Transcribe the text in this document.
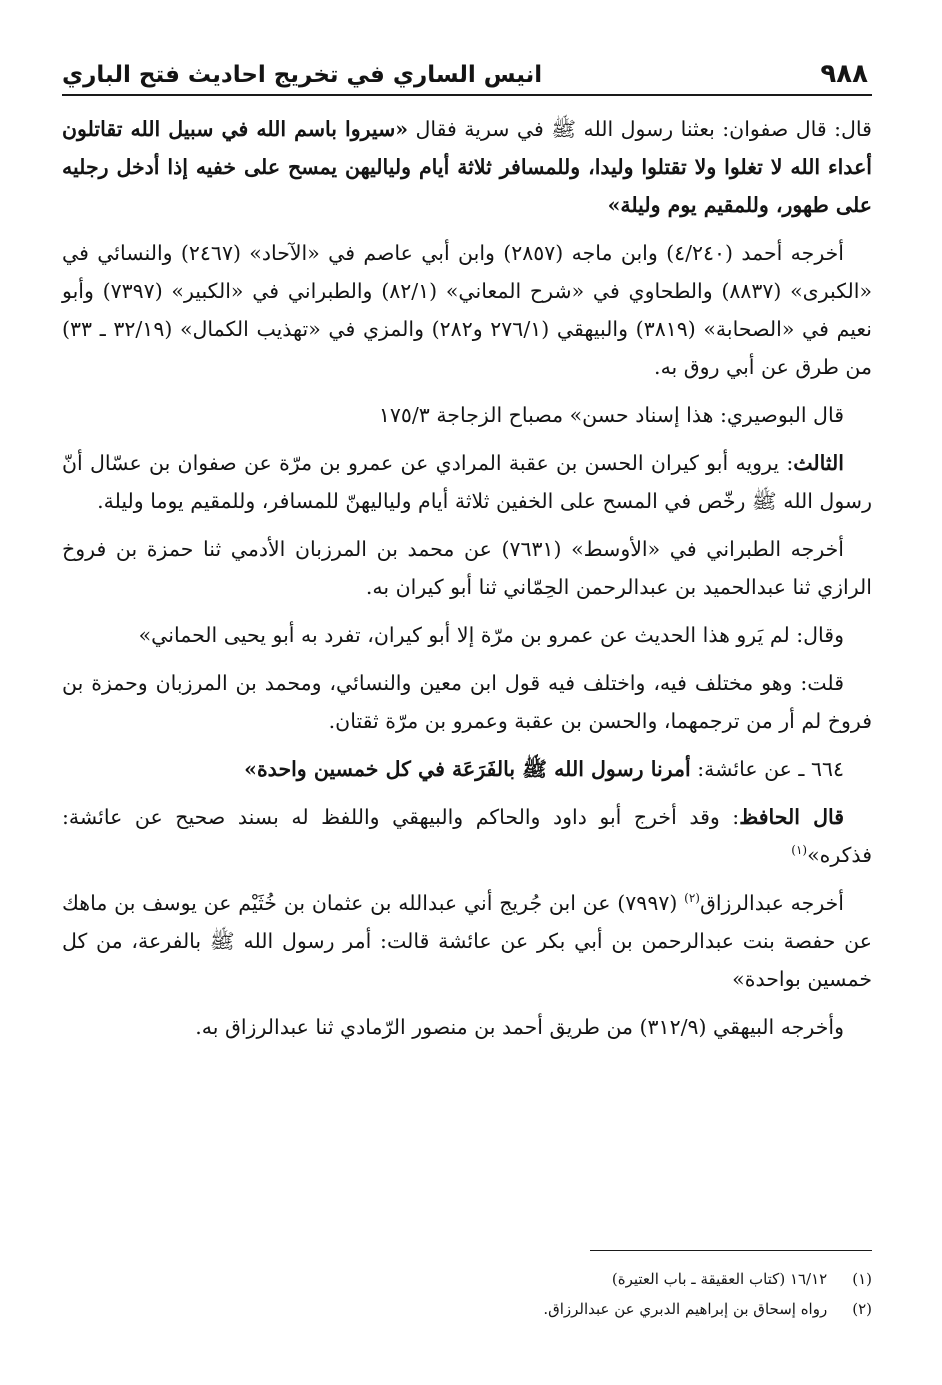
٩٨٨
انيس الساري في تخريج احاديث فتح الباري

قال: قال صفوان: بعثنا رسول الله ﷺ في سرية فقال «سيروا باسم الله في سبيل الله تقاتلون أعداء الله لا تغلوا ولا تقتلوا وليدا، وللمسافر ثلاثة أيام ولياليهن يمسح على خفيه إذا أدخل رجليه على طهور، وللمقيم يوم وليلة»

أخرجه أحمد (٤/٢٤٠) وابن ماجه (٢٨٥٧) وابن أبي عاصم في «الآحاد» (٢٤٦٧) والنسائي في «الكبرى» (٨٨٣٧) والطحاوي في «شرح المعاني» (٨٢/١) والطبراني في «الكبير» (٧٣٩٧) وأبو نعيم في «الصحابة» (٣٨١٩) والبيهقي (٢٧٦/١ و٢٨٢) والمزي في «تهذيب الكمال» (٣٢/١٩ ـ ٣٣) من طرق عن أبي روق به.

قال البوصيري: هذا إسناد حسن» مصباح الزجاجة ١٧٥/٣

الثالث: يرويه أبو كيران الحسن بن عقبة المرادي عن عمرو بن مرّة عن صفوان بن عسّال أنّ رسول الله ﷺ رخّص في المسح على الخفين ثلاثة أيام ولياليهنّ للمسافر، وللمقيم يوما وليلة.

أخرجه الطبراني في «الأوسط» (٧٦٣١) عن محمد بن المرزبان الأدمي ثنا حمزة بن فروخ الرازي ثنا عبدالحميد بن عبدالرحمن الحِمّاني ثنا أبو كيران به.

وقال: لم يَرو هذا الحديث عن عمرو بن مرّة إلا أبو كيران، تفرد به أبو يحيى الحماني»

قلت: وهو مختلف فيه، واختلف فيه قول ابن معين والنسائي، ومحمد بن المرزبان وحمزة بن فروخ لم أر من ترجمهما، والحسن بن عقبة وعمرو بن مرّة ثقتان.

٦٦٤ ـ عن عائشة: أمرنا رسول الله ﷺ بالفَرَعَة في كل خمسين واحدة»

قال الحافظ: وقد أخرج أبو داود والحاكم والبيهقي واللفظ له بسند صحيح عن عائشة: فذكره»$^{(١)}$

أخرجه عبدالرزاق$^{(٢)}$ (٧٩٩٧) عن ابن جُريج أني عبدالله بن عثمان بن خُثَيْم عن يوسف بن ماهك عن حفصة بنت عبدالرحمن بن أبي بكر عن عائشة قالت: أمر رسول الله ﷺ بالفرعة، من كل خمسين بواحدة»

وأخرجه البيهقي (٣١٢/٩) من طريق أحمد بن منصور الرّمادي ثنا عبدالرزاق به.

(١) ١٦/١٢ (كتاب العقيقة ـ باب العتيرة)
(٢) رواه إسحاق بن إبراهيم الدبري عن عبدالرزاق.
